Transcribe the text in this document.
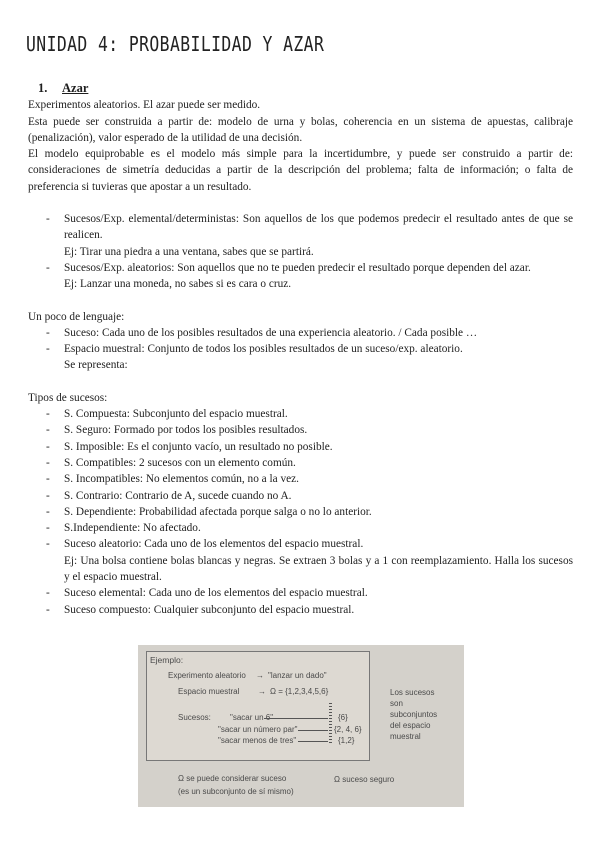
UNIDAD 4: PROBABILIDAD Y AZAR
1. Azar

Experimentos aleatorios. El azar puede ser medido.

Esta puede ser construida a partir de: modelo de urna y bolas, coherencia en un sistema de apuestas, calibraje (penalización), valor esperado de la utilidad de una decisión.

El modelo equiprobable es el modelo más simple para la incertidumbre, y puede ser construido a partir de: consideraciones de simetría deducidas a partir de la descripción del problema; falta de información; o falta de preferencia si tuvieras que apostar a un resultado.

- Sucesos/Exp. elemental/deterministas: Son aquellos de los que podemos predecir el resultado antes de que se realicen.
Ej: Tirar una piedra a una ventana, sabes que se partirá.
- Sucesos/Exp. aleatorios: Son aquellos que no te pueden predecir el resultado porque dependen del azar.
Ej: Lanzar una moneda, no sabes si es cara o cruz.

Un poco de lenguaje:

- Suceso: Cada uno de los posibles resultados de una experiencia aleatorio. / Cada posible …
- Espacio muestral: Conjunto de todos los posibles resultados de un suceso/exp. aleatorio.
Se representa:

Tipos de sucesos:

- S. Compuesta: Subconjunto del espacio muestral.
- S. Seguro: Formado por todos los posibles resultados.
- S. Imposible: Es el conjunto vacío, un resultado no posible.
- S. Compatibles: 2 sucesos con un elemento común.
- S. Incompatibles: No elementos común, no a la vez.
- S. Contrario: Contrario de A, sucede cuando no A.
- S. Dependiente: Probabilidad afectada porque salga o no lo anterior.
- S.Independiente: No afectado.
- Suceso aleatorio: Cada uno de los elementos del espacio muestral.
Ej: Una bolsa contiene bolas blancas y negras. Se extraen 3 bolas y a 1 con reemplazamiento. Halla los sucesos y el espacio muestral.
- Suceso elemental: Cada uno de los elementos del espacio muestral.
- Suceso compuesto: Cualquier subconjunto del espacio muestral.
Ejemplo:
Experimento aleatorio → "lanzar un dado"
Espacio muestral → Ω = {1,2,3,4,5,6}
Sucesos: "sacar un 6"	{6}
"sacar un número par"	{2, 4, 6}
"sacar menos de tres"	{1,2}
Los sucesos
son
subconjuntos
del espacio
muestral
Ω se puede considerar suceso
(es un subconjunto de sí mismo)
Ω suceso seguro
